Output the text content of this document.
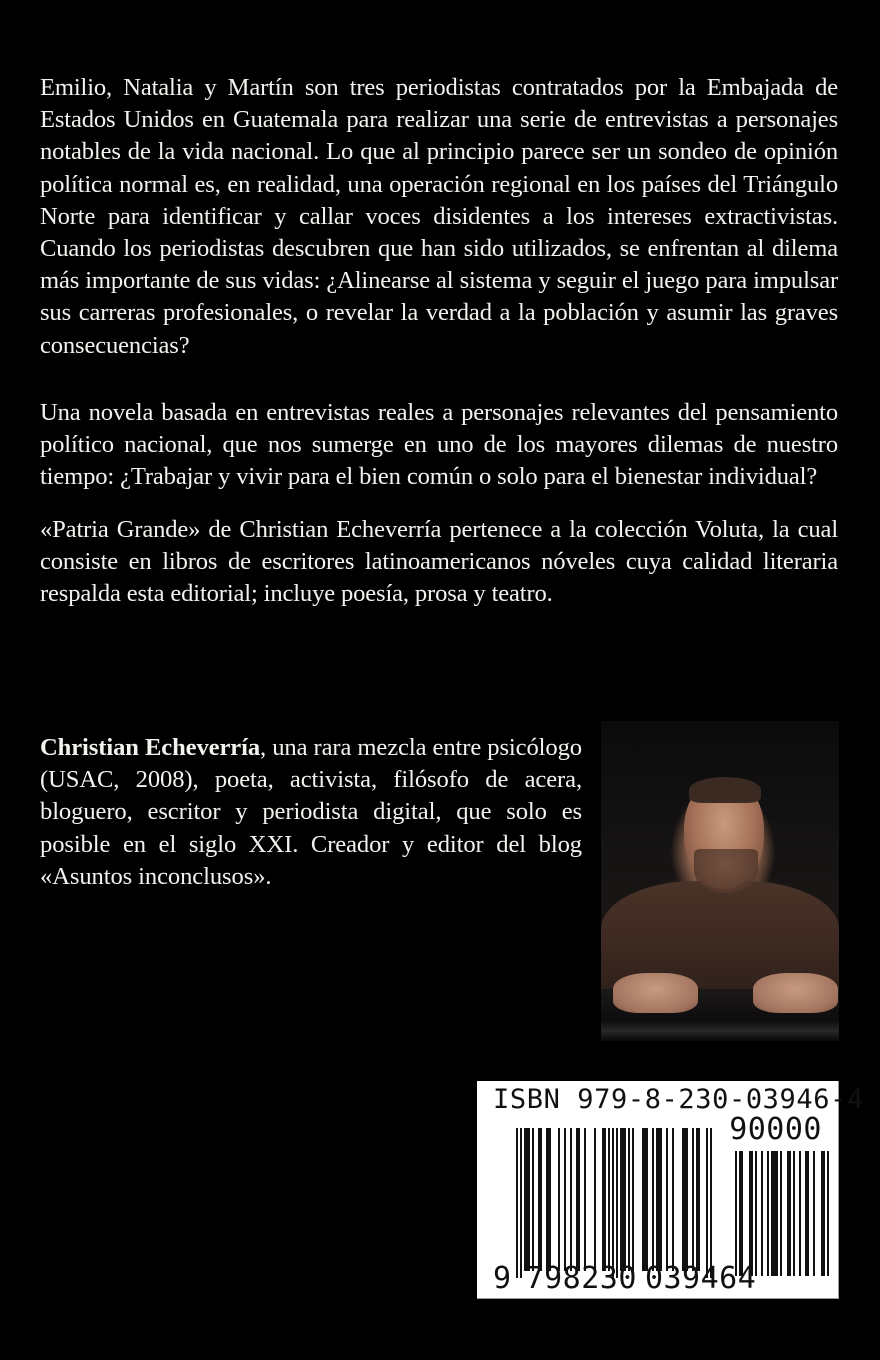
Emilio, Natalia y Martín son tres periodistas contratados por la Embajada de Estados Unidos en Guatemala para realizar una serie de entrevistas a personajes notables de la vida nacional. Lo que al principio parece ser un sondeo de opinión política normal es, en realidad, una operación regional en los países del Triángulo Norte para identificar y callar voces disidentes a los intereses extractivistas. Cuando los periodistas descubren que han sido utilizados, se enfrentan al dilema más importante de sus vidas: ¿Alinearse al sistema y seguir el juego para impulsar sus carreras profesionales, o revelar la verdad a la población y asumir las graves consecuencias?

Una novela basada en entrevistas reales a personajes relevantes del pensamiento político nacional, que nos sumerge en uno de los mayores dilemas de nuestro tiempo: ¿Trabajar y vivir para el bien común o solo para el bienestar individual?

«Patria Grande» de Christian Echeverría pertenece a la colección Voluta, la cual consiste en libros de escritores latinoamericanos nóveles cuya calidad literaria respalda esta editorial; incluye poesía, prosa y teatro.

Christian Echeverría, una rara mezcla entre psicólogo (USAC, 2008), poeta, activista, filósofo de acera, bloguero, escritor y periodista digital, que solo es posible en el siglo XXI. Creador y editor del blog «Asuntos inconclusos».

ISBN 979-8-230-03946-4
90000
9 798230 039464
